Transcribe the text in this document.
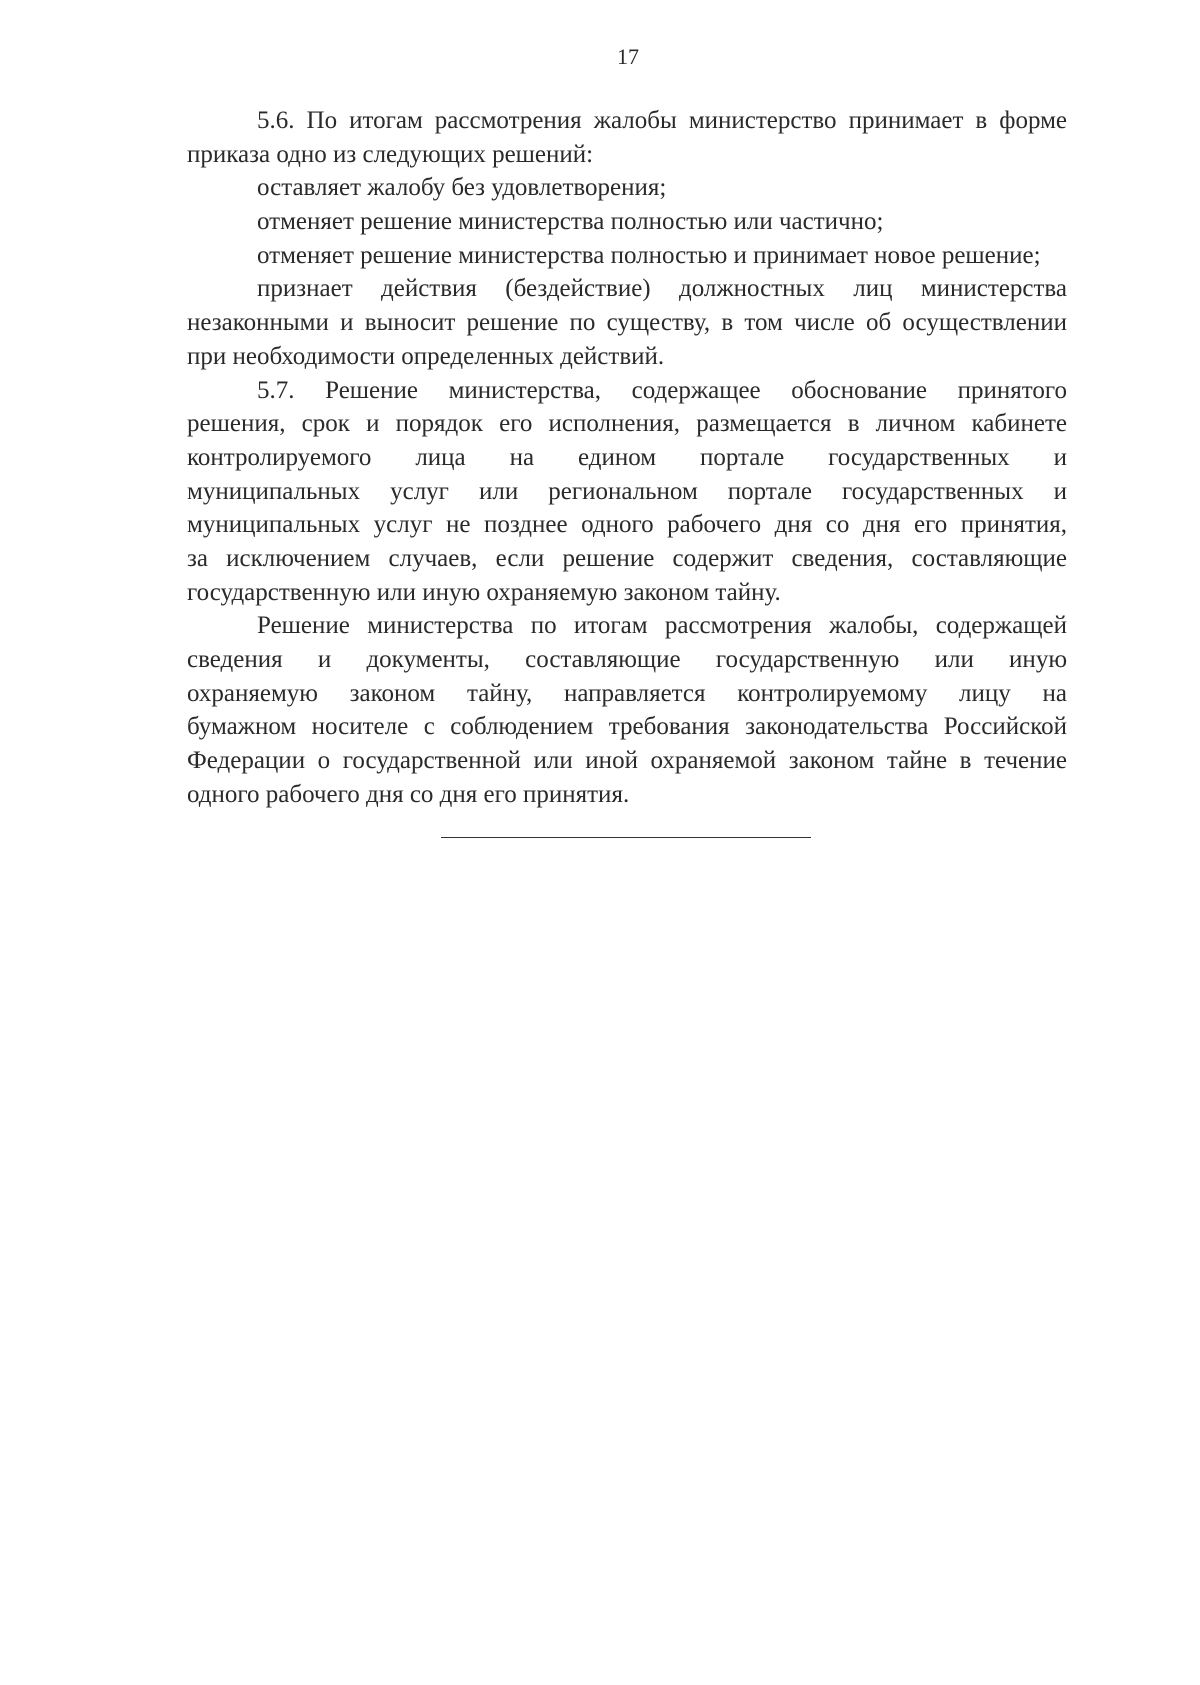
17
5.6. По итогам рассмотрения жалобы министерство принимает в форме
приказа одно из следующих решений:
оставляет жалобу без удовлетворения;
отменяет решение министерства полностью или частично;
отменяет решение министерства полностью и принимает новое решение;
признает действия (бездействие) должностных лиц министерства
незаконными и выносит решение по существу, в том числе об осуществлении
при необходимости определенных действий.
5.7. Решение министерства, содержащее обоснование принятого
решения, срок и порядок его исполнения, размещается в личном кабинете
контролируемого лица на едином портале государственных и
муниципальных услуг или региональном портале государственных и
муниципальных услуг не позднее одного рабочего дня со дня его принятия,
за исключением случаев, если решение содержит сведения, составляющие
государственную или иную охраняемую законом тайну.
Решение министерства по итогам рассмотрения жалобы, содержащей
сведения и документы, составляющие государственную или иную
охраняемую законом тайну, направляется контролируемому лицу на
бумажном носителе с соблюдением требования законодательства Российской
Федерации о государственной или иной охраняемой законом тайне в течение
одного рабочего дня со дня его принятия.
